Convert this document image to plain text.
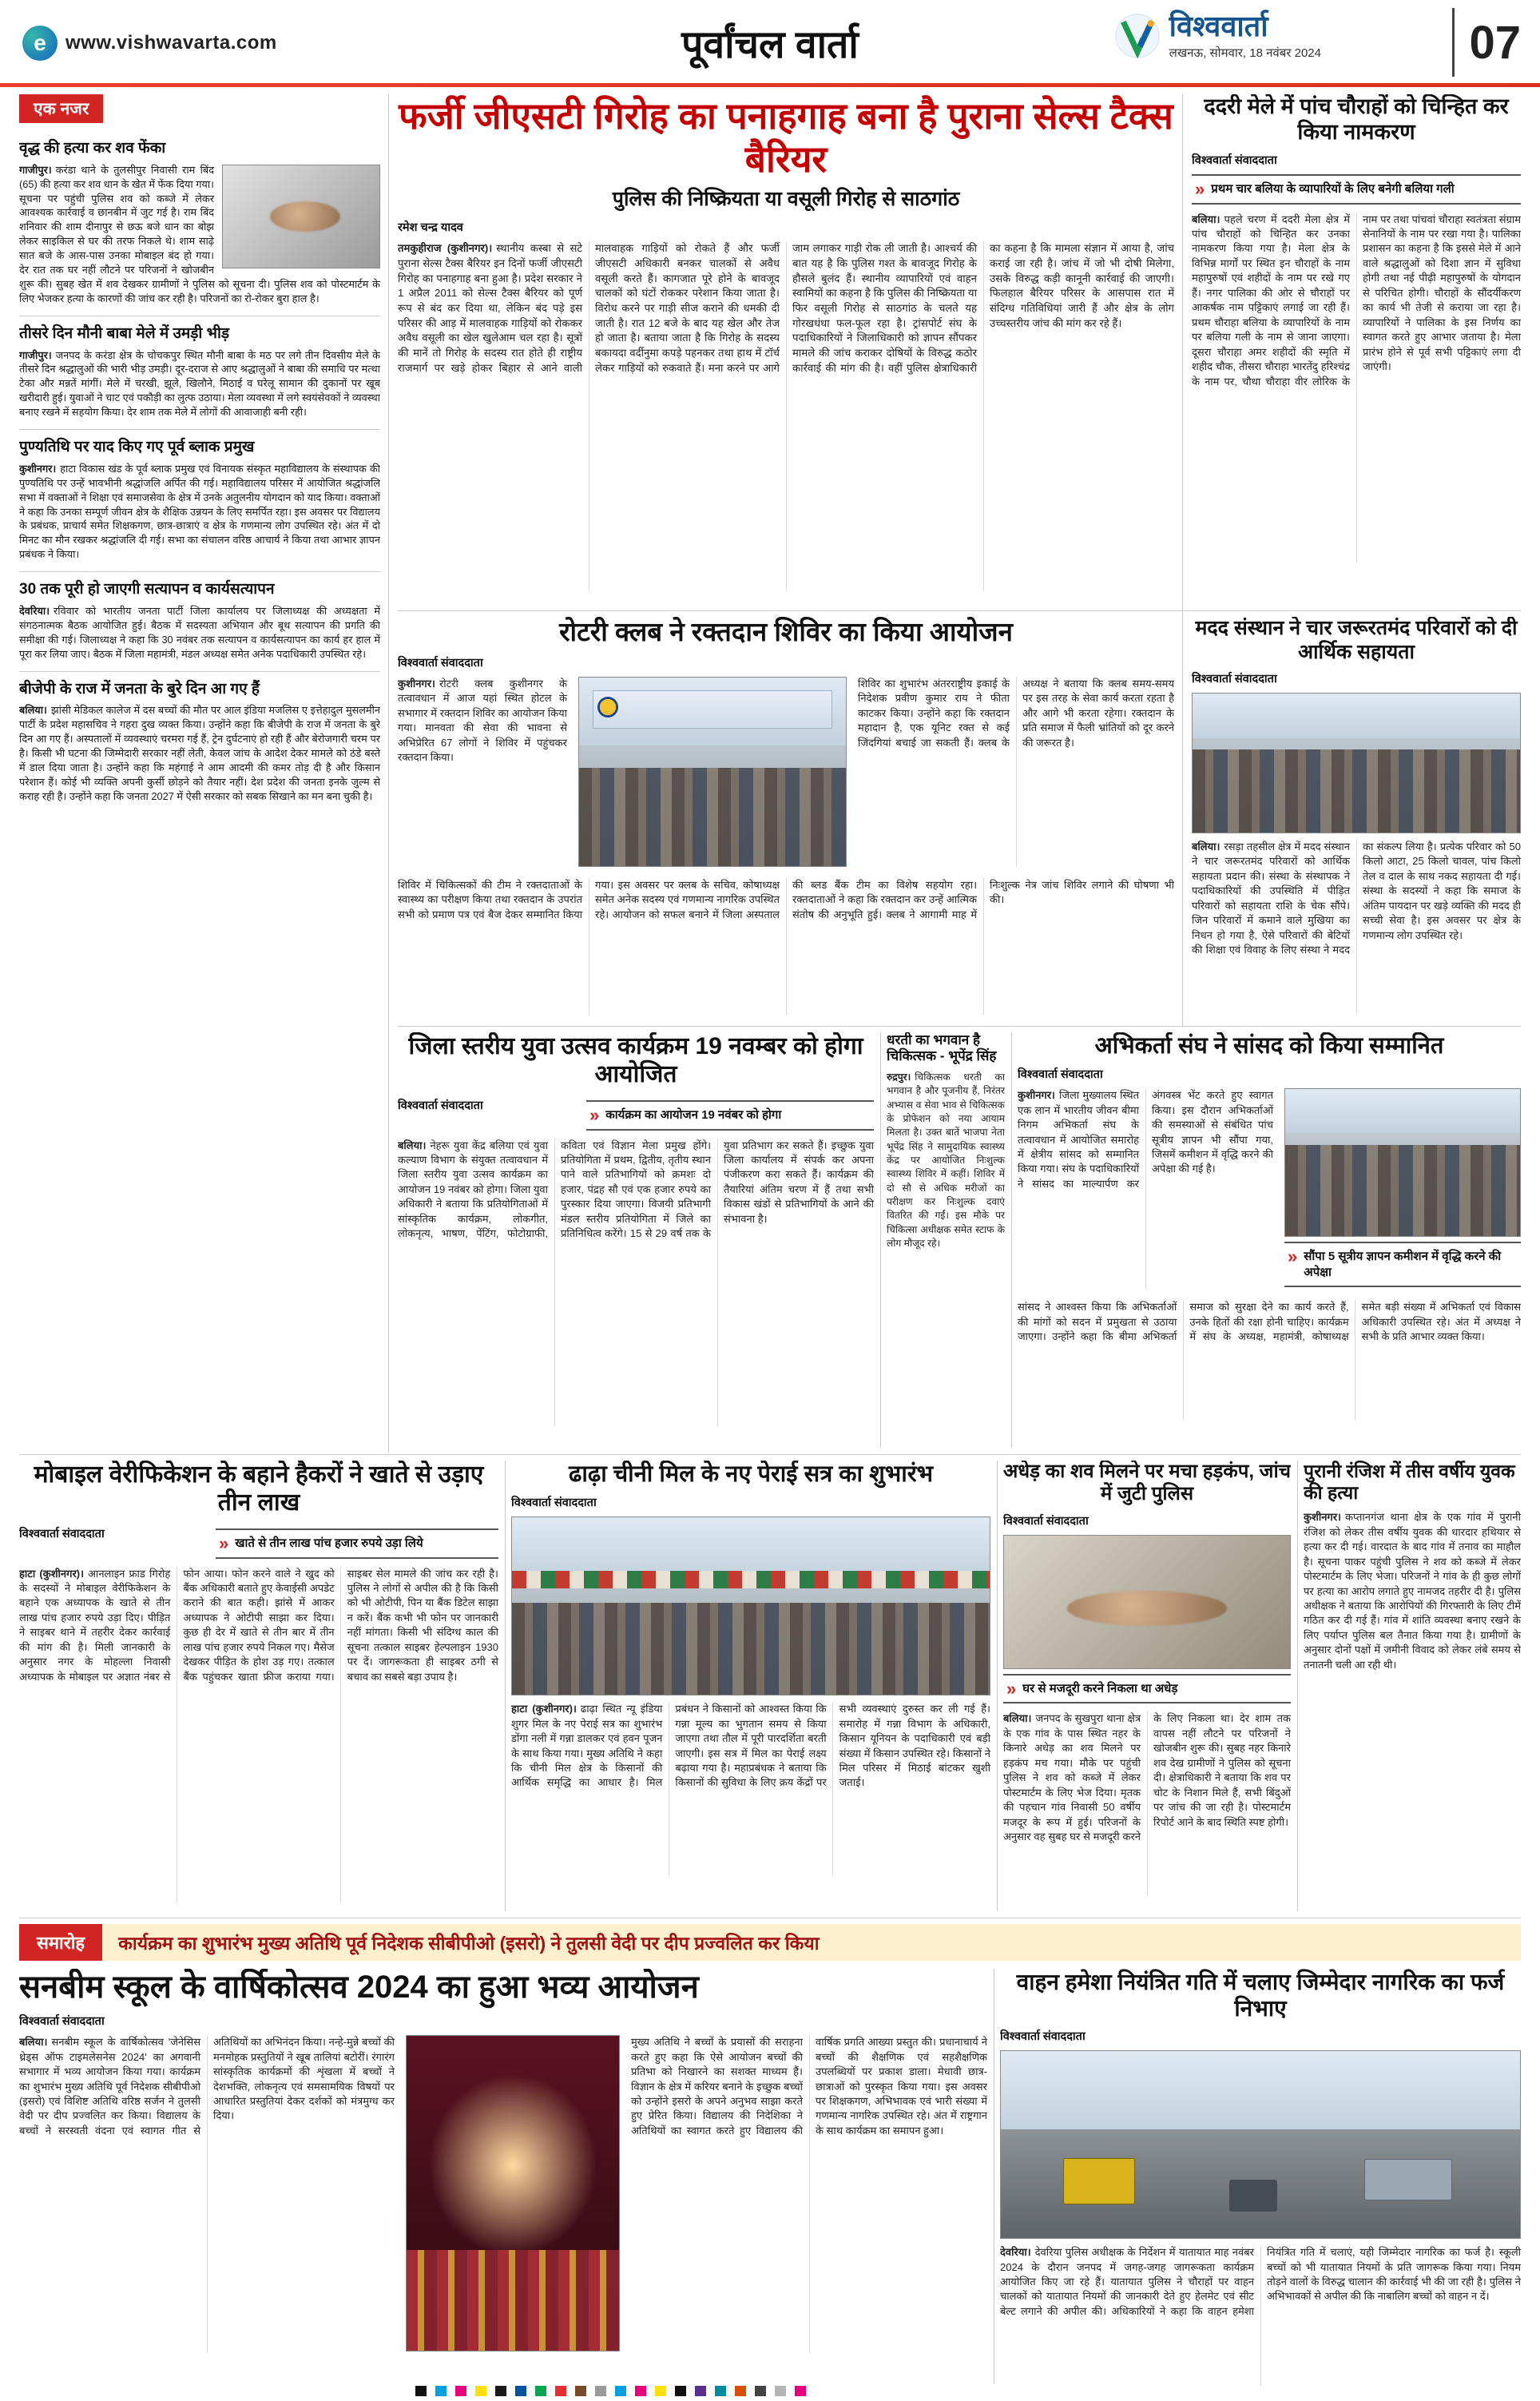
e	www.vishwavarta.com	पूर्वांचल वार्ता	विश्ववार्ता
लखनऊ, सोमवार, 18 नवंबर 2024	07
एक नजर
वृद्ध की हत्या कर शव फेंका
गाजीपुर। करंडा थाने के तुलसीपुर निवासी राम बिंद (65) की हत्या कर शव धान के खेत में फेंक दिया गया। सूचना पर पहुंची पुलिस शव को कब्जे में लेकर आवश्यक कार्रवाई व छानबीन में जुट गई है। राम बिंद शनिवार की शाम दीनापुर से छऊ बजे धान का बोझ लेकर साइकिल से घर की तरफ निकले थे। शाम साढ़े सात बजे के आस-पास उनका मोबाइल बंद हो गया। देर रात तक घर नहीं लौटने पर परिजनों ने खोजबीन शुरू की। सुबह खेत में शव देखकर ग्रामीणों ने पुलिस को सूचना दी। पुलिस शव को पोस्टमार्टम के लिए भेजकर हत्या के कारणों की जांच कर रही है। परिजनों का रो-रोकर बुरा हाल है।
तीसरे दिन मौनी बाबा मेले में उमड़ी भीड़
गाजीपुर। जनपद के करंडा क्षेत्र के चोचकपुर स्थित मौनी बाबा के मठ पर लगे तीन दिवसीय मेले के तीसरे दिन श्रद्धालुओं की भारी भीड़ उमड़ी। दूर-दराज से आए श्रद्धालुओं ने बाबा की समाधि पर मत्था टेका और मन्नतें मांगीं। मेले में चरखी, झूले, खिलौने, मिठाई व घरेलू सामान की दुकानों पर खूब खरीदारी हुई। युवाओं ने चाट एवं पकौड़ी का लुत्फ उठाया। मेला व्यवस्था में लगे स्वयंसेवकों ने व्यवस्था बनाए रखने में सहयोग किया। देर शाम तक मेले में लोगों की आवाजाही बनी रही।
पुण्यतिथि पर याद किए गए पूर्व ब्लाक प्रमुख
कुशीनगर। हाटा विकास खंड के पूर्व ब्लाक प्रमुख एवं विनायक संस्कृत महाविद्यालय के संस्थापक की पुण्यतिथि पर उन्हें भावभीनी श्रद्धांजलि अर्पित की गई। महाविद्यालय परिसर में आयोजित श्रद्धांजलि सभा में वक्ताओं ने शिक्षा एवं समाजसेवा के क्षेत्र में उनके अतुलनीय योगदान को याद किया। वक्ताओं ने कहा कि उनका सम्पूर्ण जीवन क्षेत्र के शैक्षिक उन्नयन के लिए समर्पित रहा। इस अवसर पर विद्यालय के प्रबंधक, प्राचार्य समेत शिक्षकगण, छात्र-छात्राएं व क्षेत्र के गणमान्य लोग उपस्थित रहे। अंत में दो मिनट का मौन रखकर श्रद्धांजलि दी गई। सभा का संचालन वरिष्ठ आचार्य ने किया तथा आभार ज्ञापन प्रबंधक ने किया।
30 तक पूरी हो जाएगी सत्यापन व कार्यसत्यापन
देवरिया। रविवार को भारतीय जनता पार्टी जिला कार्यालय पर जिलाध्यक्ष की अध्यक्षता में संगठनात्मक बैठक आयोजित हुई। बैठक में सदस्यता अभियान और बूथ सत्यापन की प्रगति की समीक्षा की गई। जिलाध्यक्ष ने कहा कि 30 नवंबर तक सत्यापन व कार्यसत्यापन का कार्य हर हाल में पूरा कर लिया जाए। बैठक में जिला महामंत्री, मंडल अध्यक्ष समेत अनेक पदाधिकारी उपस्थित रहे।
बीजेपी के राज में जनता के बुरे दिन आ गए हैं
बलिया। झांसी मेडिकल कालेज में दस बच्चों की मौत पर आल इंडिया मजलिस ए इत्तेहादुल मुसलमीन पार्टी के प्रदेश महासचिव ने गहरा दुख व्यक्त किया। उन्होंने कहा कि बीजेपी के राज में जनता के बुरे दिन आ गए हैं। अस्पतालों में व्यवस्थाएं चरमरा गई हैं, ट्रेन दुर्घटनाएं हो रही हैं और बेरोजगारी चरम पर है। किसी भी घटना की जिम्मेदारी सरकार नहीं लेती, केवल जांच के आदेश देकर मामले को ठंडे बस्ते में डाल दिया जाता है। उन्होंने कहा कि महंगाई ने आम आदमी की कमर तोड़ दी है और किसान परेशान हैं। कोई भी व्यक्ति अपनी कुर्सी छोड़ने को तैयार नहीं। देश प्रदेश की जनता इनके जुल्म से कराह रही है। उन्होंने कहा कि जनता 2027 में ऐसी सरकार को सबक सिखाने का मन बना चुकी है।
फर्जी जीएसटी गिरोह का पनाहगाह बना है पुराना सेल्स टैक्स बैरियर
पुलिस की निष्क्रियता या वसूली गिरोह से साठगांठ
रमेश चन्द्र यादव
तमकुहीराज (कुशीनगर)। स्थानीय कस्बा से सटे पुराना सेल्स टैक्स बैरियर इन दिनों फर्जी जीएसटी गिरोह का पनाहगाह बना हुआ है। प्रदेश सरकार ने 1 अप्रैल 2011 को सेल्स टैक्स बैरियर को पूर्ण रूप से बंद कर दिया था, लेकिन बंद पड़े इस परिसर की आड़ में मालवाहक गाड़ियों को रोककर अवैध वसूली का खेल खुलेआम चल रहा है। सूत्रों की मानें तो गिरोह के सदस्य रात होते ही राष्ट्रीय राजमार्ग पर खड़े होकर बिहार से आने वाली मालवाहक गाड़ियों को रोकते हैं और फर्जी जीएसटी अधिकारी बनकर चालकों से अवैध वसूली करते हैं। कागजात पूरे होने के बावजूद चालकों को घंटों रोककर परेशान किया जाता है। विरोध करने पर गाड़ी सीज कराने की धमकी दी जाती है। रात 12 बजे के बाद यह खेल और तेज हो जाता है। बताया जाता है कि गिरोह के सदस्य बकायदा वर्दीनुमा कपड़े पहनकर तथा हाथ में टॉर्च लेकर गाड़ियों को रुकवाते हैं। मना करने पर आगे जाम लगाकर गाड़ी रोक ली जाती है। आश्चर्य की बात यह है कि पुलिस गश्त के बावजूद गिरोह के हौसले बुलंद हैं। स्थानीय व्यापारियों एवं वाहन स्वामियों का कहना है कि पुलिस की निष्क्रियता या फिर वसूली गिरोह से साठगांठ के चलते यह गोरखधंधा फल-फूल रहा है। ट्रांसपोर्ट संघ के पदाधिकारियों ने जिलाधिकारी को ज्ञापन सौंपकर मामले की जांच कराकर दोषियों के विरुद्ध कठोर कार्रवाई की मांग की है। वहीं पुलिस क्षेत्राधिकारी का कहना है कि मामला संज्ञान में आया है, जांच कराई जा रही है। जांच में जो भी दोषी मिलेगा, उसके विरुद्ध कड़ी कानूनी कार्रवाई की जाएगी। फिलहाल बैरियर परिसर के आसपास रात में संदिग्ध गतिविधियां जारी हैं और क्षेत्र के लोग उच्चस्तरीय जांच की मांग कर रहे हैं।
ददरी मेले में पांच चौराहों को चिन्हित कर किया नामकरण
विश्ववार्ता संवाददाता
» प्रथम चार बलिया के व्यापारियों के लिए बनेगी बलिया गली
बलिया। पहले चरण में ददरी मेला क्षेत्र में पांच चौराहों को चिन्हित कर उनका नामकरण किया गया है। मेला क्षेत्र के विभिन्न मार्गों पर स्थित इन चौराहों के नाम महापुरुषों एवं शहीदों के नाम पर रखे गए हैं। नगर पालिका की ओर से चौराहों पर आकर्षक नाम पट्टिकाएं लगाई जा रही हैं। प्रथम चौराहा बलिया के व्यापारियों के नाम पर बलिया गली के नाम से जाना जाएगा। दूसरा चौराहा अमर शहीदों की स्मृति में शहीद चौक, तीसरा चौराहा भारतेंदु हरिश्चंद्र के नाम पर, चौथा चौराहा वीर लोरिक के नाम पर तथा पांचवां चौराहा स्वतंत्रता संग्राम सेनानियों के नाम पर रखा गया है। पालिका प्रशासन का कहना है कि इससे मेले में आने वाले श्रद्धालुओं को दिशा ज्ञान में सुविधा होगी तथा नई पीढ़ी महापुरुषों के योगदान से परिचित होगी। चौराहों के सौंदर्यीकरण का कार्य भी तेजी से कराया जा रहा है। व्यापारियों ने पालिका के इस निर्णय का स्वागत करते हुए आभार जताया है। मेला प्रारंभ होने से पूर्व सभी पट्टिकाएं लगा दी जाएंगी।
रोटरी क्लब ने रक्तदान शिविर का किया आयोजन
विश्ववार्ता संवाददाता
कुशीनगर। रोटरी क्लब कुशीनगर के तत्वावधान में आज यहां स्थित होटल के सभागार में रक्तदान शिविर का आयोजन किया गया। मानवता की सेवा की भावना से अभिप्रेरित 67 लोगों ने शिविर में पहुंचकर रक्तदान किया।
शिविर का शुभारंभ अंतरराष्ट्रीय इकाई के निदेशक प्रवीण कुमार राय ने फीता काटकर किया। उन्होंने कहा कि रक्तदान महादान है, एक यूनिट रक्त से कई जिंदगियां बचाई जा सकती हैं। क्लब के अध्यक्ष ने बताया कि क्लब समय-समय पर इस तरह के सेवा कार्य करता रहता है और आगे भी करता रहेगा। रक्तदान के प्रति समाज में फैली भ्रांतियों को दूर करने की जरूरत है।
शिविर में चिकित्सकों की टीम ने रक्तदाताओं के स्वास्थ्य का परीक्षण किया तथा रक्तदान के उपरांत सभी को प्रमाण पत्र एवं बैज देकर सम्मानित किया गया। इस अवसर पर क्लब के सचिव, कोषाध्यक्ष समेत अनेक सदस्य एवं गणमान्य नागरिक उपस्थित रहे। आयोजन को सफल बनाने में जिला अस्पताल की ब्लड बैंक टीम का विशेष सहयोग रहा। रक्तदाताओं ने कहा कि रक्तदान कर उन्हें आत्मिक संतोष की अनुभूति हुई। क्लब ने आगामी माह में निःशुल्क नेत्र जांच शिविर लगाने की घोषणा भी की।
मदद संस्थान ने चार जरूरतमंद परिवारों को दी आर्थिक सहायता
विश्ववार्ता संवाददाता
बलिया। रसड़ा तहसील क्षेत्र में मदद संस्थान ने चार जरूरतमंद परिवारों को आर्थिक सहायता प्रदान की। संस्था के संस्थापक ने पदाधिकारियों की उपस्थिति में पीड़ित परिवारों को सहायता राशि के चेक सौंपे। जिन परिवारों में कमाने वाले मुखिया का निधन हो गया है, ऐसे परिवारों की बेटियों की शिक्षा एवं विवाह के लिए संस्था ने मदद का संकल्प लिया है। प्रत्येक परिवार को 50 किलो आटा, 25 किलो चावल, पांच किलो तेल व दाल के साथ नकद सहायता दी गई। संस्था के सदस्यों ने कहा कि समाज के अंतिम पायदान पर खड़े व्यक्ति की मदद ही सच्ची सेवा है। इस अवसर पर क्षेत्र के गणमान्य लोग उपस्थित रहे।
जिला स्तरीय युवा उत्सव कार्यक्रम 19 नवम्बर को होगा आयोजित
विश्ववार्ता संवाददाता
» कार्यक्रम का आयोजन 19 नवंबर को होगा
बलिया। नेहरू युवा केंद्र बलिया एवं युवा कल्याण विभाग के संयुक्त तत्वावधान में जिला स्तरीय युवा उत्सव कार्यक्रम का आयोजन 19 नवंबर को होगा। जिला युवा अधिकारी ने बताया कि प्रतियोगिताओं में सांस्कृतिक कार्यक्रम, लोकगीत, लोकनृत्य, भाषण, पेंटिंग, फोटोग्राफी, कविता एवं विज्ञान मेला प्रमुख होंगे। प्रतियोगिता में प्रथम, द्वितीय, तृतीय स्थान पाने वाले प्रतिभागियों को क्रमशः दो हजार, पंद्रह सौ एवं एक हजार रुपये का पुरस्कार दिया जाएगा। विजयी प्रतिभागी मंडल स्तरीय प्रतियोगिता में जिले का प्रतिनिधित्व करेंगे। 15 से 29 वर्ष तक के युवा प्रतिभाग कर सकते हैं। इच्छुक युवा जिला कार्यालय में संपर्क कर अपना पंजीकरण करा सकते हैं। कार्यक्रम की तैयारियां अंतिम चरण में हैं तथा सभी विकास खंडों से प्रतिभागियों के आने की संभावना है।
धरती का भगवान है चिकित्सक - भूपेंद्र सिंह
रुद्रपुर। चिकित्सक धरती का भगवान है और पूजनीय हैं, निरंतर अभ्यास व सेवा भाव से चिकित्सक के प्रोफेशन को नया आयाम मिलता है। उक्त बातें भाजपा नेता भूपेंद्र सिंह ने सामुदायिक स्वास्थ्य केंद्र पर आयोजित निःशुल्क स्वास्थ्य शिविर में कहीं। शिविर में दो सौ से अधिक मरीजों का परीक्षण कर निःशुल्क दवाएं वितरित की गईं। इस मौके पर चिकित्सा अधीक्षक समेत स्टाफ के लोग मौजूद रहे।
अभिकर्ता संघ ने सांसद को किया सम्मानित
विश्ववार्ता संवाददाता
कुशीनगर। जिला मुख्यालय स्थित एक लान में भारतीय जीवन बीमा निगम अभिकर्ता संघ के तत्वावधान में आयोजित समारोह में क्षेत्रीय सांसद को सम्मानित किया गया। संघ के पदाधिकारियों ने सांसद का माल्यार्पण कर अंगवस्त्र भेंट करते हुए स्वागत किया। इस दौरान अभिकर्ताओं की समस्याओं से संबंधित पांच सूत्रीय ज्ञापन भी सौंपा गया, जिसमें कमीशन में वृद्धि करने की अपेक्षा की गई है।
» सौंपा 5 सूत्रीय ज्ञापन कमीशन में वृद्धि करने की अपेक्षा
सांसद ने आश्वस्त किया कि अभिकर्ताओं की मांगों को सदन में प्रमुखता से उठाया जाएगा। उन्होंने कहा कि बीमा अभिकर्ता समाज को सुरक्षा देने का कार्य करते हैं, उनके हितों की रक्षा होनी चाहिए। कार्यक्रम में संघ के अध्यक्ष, महामंत्री, कोषाध्यक्ष समेत बड़ी संख्या में अभिकर्ता एवं विकास अधिकारी उपस्थित रहे। अंत में अध्यक्ष ने सभी के प्रति आभार व्यक्त किया।
मोबाइल वेरीफिकेशन के बहाने हैकरों ने खाते से उड़ाए तीन लाख
विश्ववार्ता संवाददाता
» खाते से तीन लाख पांच हजार रुपये उड़ा लिये
हाटा (कुशीनगर)। आनलाइन फ्राड गिरोह के सदस्यों ने मोबाइल वेरीफिकेशन के बहाने एक अध्यापक के खाते से तीन लाख पांच हजार रुपये उड़ा दिए। पीड़ित ने साइबर थाने में तहरीर देकर कार्रवाई की मांग की है। मिली जानकारी के अनुसार नगर के मोहल्ला निवासी अध्यापक के मोबाइल पर अज्ञात नंबर से फोन आया। फोन करने वाले ने खुद को बैंक अधिकारी बताते हुए केवाईसी अपडेट कराने की बात कही। झांसे में आकर अध्यापक ने ओटीपी साझा कर दिया। कुछ ही देर में खाते से तीन बार में तीन लाख पांच हजार रुपये निकल गए। मैसेज देखकर पीड़ित के होश उड़ गए। तत्काल बैंक पहुंचकर खाता फ्रीज कराया गया। साइबर सेल मामले की जांच कर रही है। पुलिस ने लोगों से अपील की है कि किसी को भी ओटीपी, पिन या बैंक डिटेल साझा न करें। बैंक कभी भी फोन पर जानकारी नहीं मांगता। किसी भी संदिग्ध काल की सूचना तत्काल साइबर हेल्पलाइन 1930 पर दें। जागरूकता ही साइबर ठगी से बचाव का सबसे बड़ा उपाय है।
ढाढ़ा चीनी मिल के नए पेराई सत्र का शुभारंभ
विश्ववार्ता संवाददाता
हाटा (कुशीनगर)। ढाढ़ा स्थित न्यू इंडिया शुगर मिल के नए पेराई सत्र का शुभारंभ डोंगा नली में गन्ना डालकर एवं हवन पूजन के साथ किया गया। मुख्य अतिथि ने कहा कि चीनी मिल क्षेत्र के किसानों की आर्थिक समृद्धि का आधार है। मिल प्रबंधन ने किसानों को आश्वस्त किया कि गन्ना मूल्य का भुगतान समय से किया जाएगा तथा तौल में पूरी पारदर्शिता बरती जाएगी। इस सत्र में मिल का पेराई लक्ष्य बढ़ाया गया है। महाप्रबंधक ने बताया कि किसानों की सुविधा के लिए क्रय केंद्रों पर सभी व्यवस्थाएं दुरुस्त कर ली गई हैं। समारोह में गन्ना विभाग के अधिकारी, किसान यूनियन के पदाधिकारी एवं बड़ी संख्या में किसान उपस्थित रहे। किसानों ने मिल परिसर में मिठाई बांटकर खुशी जताई।
अधेड़ का शव मिलने पर मचा हड़कंप, जांच में जुटी पुलिस
विश्ववार्ता संवाददाता
» घर से मजदूरी करने निकला था अधेड़
बलिया। जनपद के सुखपुरा थाना क्षेत्र के एक गांव के पास स्थित नहर के किनारे अधेड़ का शव मिलने पर हड़कंप मच गया। मौके पर पहुंची पुलिस ने शव को कब्जे में लेकर पोस्टमार्टम के लिए भेज दिया। मृतक की पहचान गांव निवासी 50 वर्षीय मजदूर के रूप में हुई। परिजनों के अनुसार वह सुबह घर से मजदूरी करने के लिए निकला था। देर शाम तक वापस नहीं लौटने पर परिजनों ने खोजबीन शुरू की। सुबह नहर किनारे शव देख ग्रामीणों ने पुलिस को सूचना दी। क्षेत्राधिकारी ने बताया कि शव पर चोट के निशान मिले हैं, सभी बिंदुओं पर जांच की जा रही है। पोस्टमार्टम रिपोर्ट आने के बाद स्थिति स्पष्ट होगी।
पुरानी रंजिश में तीस वर्षीय युवक की हत्या
कुशीनगर। कप्तानगंज थाना क्षेत्र के एक गांव में पुरानी रंजिश को लेकर तीस वर्षीय युवक की धारदार हथियार से हत्या कर दी गई। वारदात के बाद गांव में तनाव का माहौल है। सूचना पाकर पहुंची पुलिस ने शव को कब्जे में लेकर पोस्टमार्टम के लिए भेजा। परिजनों ने गांव के ही कुछ लोगों पर हत्या का आरोप लगाते हुए नामजद तहरीर दी है। पुलिस अधीक्षक ने बताया कि आरोपियों की गिरफ्तारी के लिए टीमें गठित कर दी गई हैं। गांव में शांति व्यवस्था बनाए रखने के लिए पर्याप्त पुलिस बल तैनात किया गया है। ग्रामीणों के अनुसार दोनों पक्षों में जमीनी विवाद को लेकर लंबे समय से तनातनी चली आ रही थी।
समारोह	कार्यक्रम का शुभारंभ मुख्य अतिथि पूर्व निदेशक सीबीपीओ (इसरो) ने तुलसी वेदी पर दीप प्रज्वलित कर किया
सनबीम स्कूल के वार्षिकोत्सव 2024 का हुआ भव्य आयोजन
विश्ववार्ता संवाददाता
बलिया। सनबीम स्कूल के वार्षिकोत्सव 'जेनेसिस थ्रेड्स ऑफ टाइमलेसनेस 2024' का अगवानी सभागार में भव्य आयोजन किया गया। कार्यक्रम का शुभारंभ मुख्य अतिथि पूर्व निदेशक सीबीपीओ (इसरो) एवं विशिष्ट अतिथि वरिष्ठ सर्जन ने तुलसी वेदी पर दीप प्रज्वलित कर किया। विद्यालय के बच्चों ने सरस्वती वंदना एवं स्वागत गीत से अतिथियों का अभिनंदन किया। नन्हे-मुन्ने बच्चों की मनमोहक प्रस्तुतियों ने खूब तालियां बटोरीं। रंगारंग सांस्कृतिक कार्यक्रमों की शृंखला में बच्चों ने देशभक्ति, लोकनृत्य एवं समसामयिक विषयों पर आधारित प्रस्तुतियां देकर दर्शकों को मंत्रमुग्ध कर दिया।
मुख्य अतिथि ने बच्चों के प्रयासों की सराहना करते हुए कहा कि ऐसे आयोजन बच्चों की प्रतिभा को निखारने का सशक्त माध्यम हैं। विज्ञान के क्षेत्र में करियर बनाने के इच्छुक बच्चों को उन्होंने इसरो के अपने अनुभव साझा करते हुए प्रेरित किया। विद्यालय की निदेशिका ने अतिथियों का स्वागत करते हुए विद्यालय की वार्षिक प्रगति आख्या प्रस्तुत की। प्रधानाचार्य ने बच्चों की शैक्षणिक एवं सहशैक्षणिक उपलब्धियों पर प्रकाश डाला। मेधावी छात्र-छात्राओं को पुरस्कृत किया गया। इस अवसर पर शिक्षकगण, अभिभावक एवं भारी संख्या में गणमान्य नागरिक उपस्थित रहे। अंत में राष्ट्रगान के साथ कार्यक्रम का समापन हुआ।
वाहन हमेशा नियंत्रित गति में चलाए जिम्मेदार नागरिक का फर्ज निभाए
विश्ववार्ता संवाददाता
देवरिया। देवरिया पुलिस अधीक्षक के निर्देशन में यातायात माह नवंबर 2024 के दौरान जनपद में जगह-जगह जागरूकता कार्यक्रम आयोजित किए जा रहे हैं। यातायात पुलिस ने चौराहों पर वाहन चालकों को यातायात नियमों की जानकारी देते हुए हेलमेट एवं सीट बेल्ट लगाने की अपील की। अधिकारियों ने कहा कि वाहन हमेशा नियंत्रित गति में चलाएं, यही जिम्मेदार नागरिक का फर्ज है। स्कूली बच्चों को भी यातायात नियमों के प्रति जागरूक किया गया। नियम तोड़ने वालों के विरुद्ध चालान की कार्रवाई भी की जा रही है। पुलिस ने अभिभावकों से अपील की कि नाबालिग बच्चों को वाहन न दें।
